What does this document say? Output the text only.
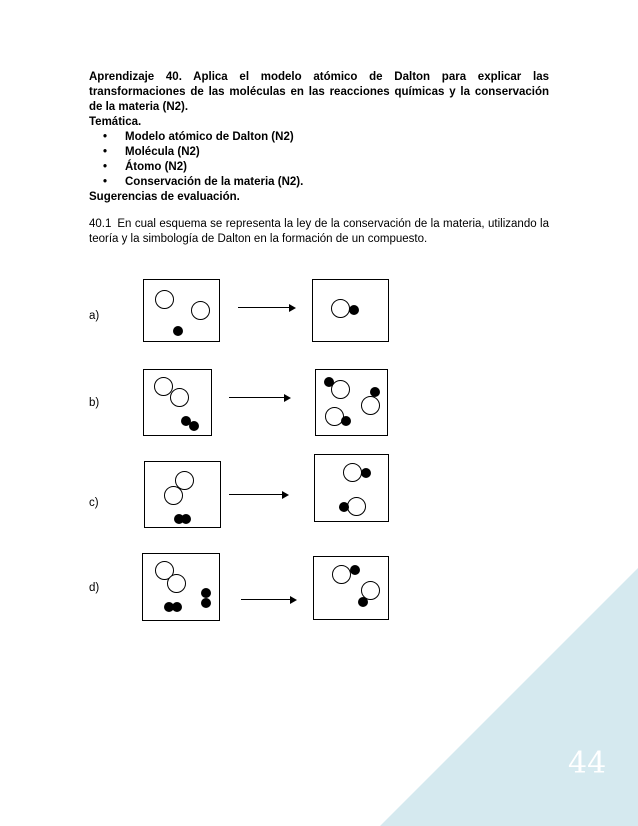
44
Aprendizaje 40. Aplica el modelo atómico de Dalton para explicar las transformaciones de las moléculas en las reacciones químicas y la conservación de la materia (N2).
Temática.
• Modelo atómico de Dalton (N2)
• Molécula (N2)
• Átomo (N2)
• Conservación de la materia (N2).
Sugerencias de evaluación.
40.1 En cual esquema se representa la ley de la conservación de la materia, utilizando la teoría y la simbología de Dalton en la formación de un compuesto.
a)
b)
c)
d)
